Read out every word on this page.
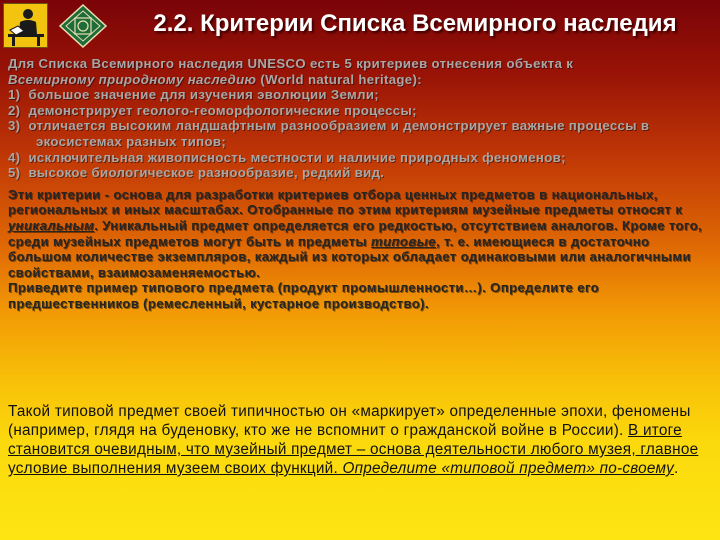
2.2. Критерии Списка Всемирного наследия

Для Списка Всемирного наследия UNESCO есть 5 критериев отнесения объекта к
Всемирному природному наследию (World natural heritage):

1) большое значение для изучения эволюции Земли;

2) демонстрирует геолого-геоморфологические процессы;

3) отличается высоким ландшафтным разнообразием и демонстрирует важные процессы в экосистемах разных типов;

4) исключительная живописность местности и наличие природных феноменов;

5) высокое биологическое разнообразие, редкий вид.

Эти критерии - основа для разработки критериев отбора ценных предметов в национальных, региональных и иных масштабах. Отобранные по этим критериям музейные предметы относят к уникальным. Уникальный предмет определяется его редкостью, отсутствием аналогов. Кроме того, среди музейных предметов могут быть и предметы типовые, т. е. имеющиеся в достаточно большом количестве экземпляров, каждый из которых обладает одинаковыми или аналогичными свойствами, взаимозаменяемостью.

Приведите пример типового предмета (продукт промышленности…). Определите его предшественников (ремесленный, кустарное производство).

Такой типовой предмет своей типичностью он «маркирует» определенные эпохи, феномены (например, глядя на буденовку, кто же не вспомнит о гражданской войне в России). В итоге становится очевидным, что музейный предмет – основа деятельности любого музея, главное условие выполнения музеем своих функций. Определите «типовой предмет» по-своему.
